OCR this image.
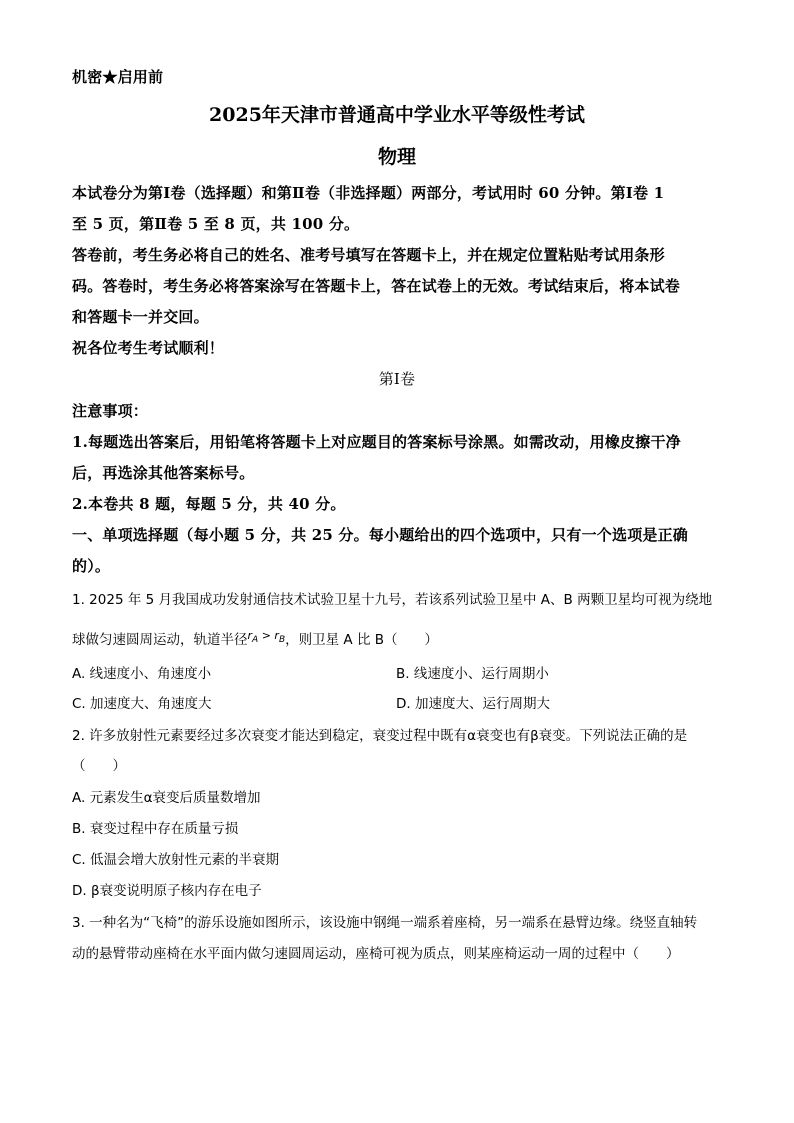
机密★启用前
2025年天津市普通高中学业水平等级性考试
物理
本试卷分为第Ⅰ卷（选择题）和第Ⅱ卷（非选择题）两部分，考试用时 60 分钟。第Ⅰ卷 1
至 5 页，第Ⅱ卷 5 至 8 页，共 100 分。
答卷前，考生务必将自己的姓名、准考号填写在答题卡上，并在规定位置粘贴考试用条形
码。答卷时，考生务必将答案涂写在答题卡上，答在试卷上的无效。考试结束后，将本试卷
和答题卡一并交回。
祝各位考生考试顺利！
第Ⅰ卷
注意事项：
1.每题选出答案后，用铅笔将答题卡上对应题目的答案标号涂黑。如需改动，用橡皮擦干净
后，再选涂其他答案标号。
2.本卷共 8 题，每题 5 分，共 40 分。
一、单项选择题（每小题 5 分，共 25 分。每小题给出的四个选项中，只有一个选项是正确
的）。
1. 2025 年 5 月我国成功发射通信技术试验卫星十九号，若该系列试验卫星中 A、B 两颗卫星均可视为绕地
球做匀速圆周运动，轨道半径$^{r_A > r_B}$，则卫星 A 比 B（　　）
A. 线速度小、角速度小	B. 线速度小、运行周期小
C. 加速度大、角速度大	D. 加速度大、运行周期大
2. 许多放射性元素要经过多次衰变才能达到稳定，衰变过程中既有α衰变也有β衰变。下列说法正确的是
（　　）
A. 元素发生α衰变后质量数增加
B. 衰变过程中存在质量亏损
C. 低温会增大放射性元素的半衰期
D. β衰变说明原子核内存在电子
3. 一种名为“飞椅”的游乐设施如图所示，该设施中钢绳一端系着座椅，另一端系在悬臂边缘。绕竖直轴转
动的悬臂带动座椅在水平面内做匀速圆周运动，座椅可视为质点，则某座椅运动一周的过程中（　　）
